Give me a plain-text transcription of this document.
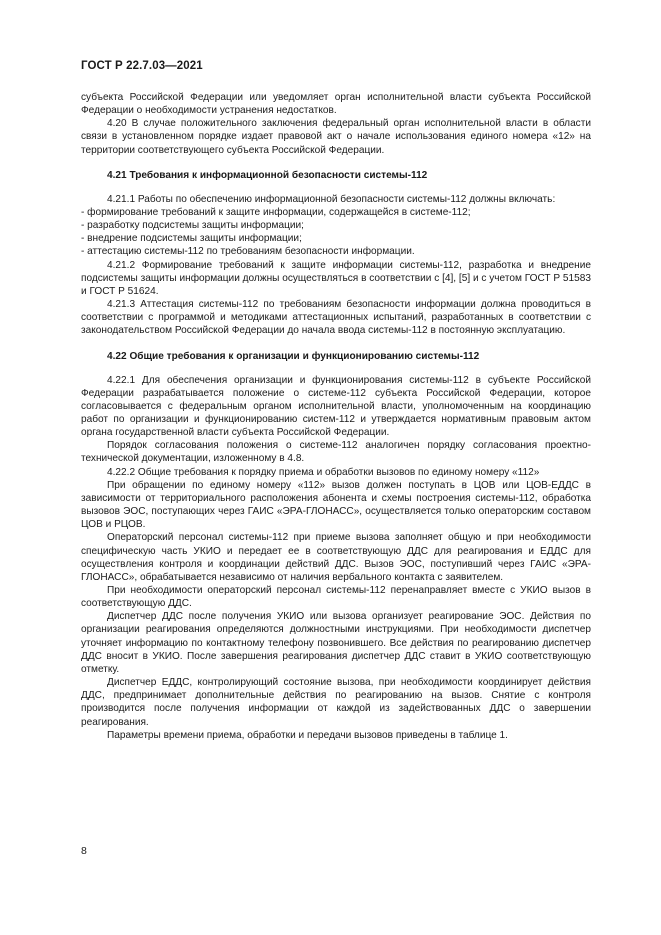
ГОСТ Р 22.7.03—2021

субъекта Российской Федерации или уведомляет орган исполнительной власти субъекта Российской Федерации о необходимости устранения недостатков.

4.20 В случае положительного заключения федеральный орган исполнительной власти в области связи в установленном порядке издает правовой акт о начале использования единого номера «12» на территории соответствующего субъекта Российской Федерации.

4.21 Требования к информационной безопасности системы-112

4.21.1 Работы по обеспечению информационной безопасности системы-112 должны включать:

- формирование требований к защите информации, содержащейся в системе-112;

- разработку подсистемы защиты информации;

- внедрение подсистемы защиты информации;

- аттестацию системы-112 по требованиям безопасности информации.

4.21.2 Формирование требований к защите информации системы-112, разработка и внедрение подсистемы защиты информации должны осуществляться в соответствии с [4], [5] и с учетом ГОСТ Р 51583 и ГОСТ Р 51624.

4.21.3 Аттестация системы-112 по требованиям безопасности информации должна проводиться в соответствии с программой и методиками аттестационных испытаний, разработанных в соответствии с законодательством Российской Федерации до начала ввода системы-112 в постоянную эксплуатацию.

4.22 Общие требования к организации и функционированию системы-112

4.22.1 Для обеспечения организации и функционирования системы-112 в субъекте Российской Федерации разрабатывается положение о системе-112 субъекта Российской Федерации, которое согласовывается с федеральным органом исполнительной власти, уполномоченным на координацию работ по организации и функционированию систем-112 и утверждается нормативным правовым актом органа государственной власти субъекта Российской Федерации.

Порядок согласования положения о системе-112 аналогичен порядку согласования проектно-технической документации, изложенному в 4.8.

4.22.2 Общие требования к порядку приема и обработки вызовов по единому номеру «112»

При обращении по единому номеру «112» вызов должен поступать в ЦОВ или ЦОВ-ЕДДС в зависимости от территориального расположения абонента и схемы построения системы-112, обработка вызовов ЭОС, поступающих через ГАИС «ЭРА-ГЛОНАСС», осуществляется только операторским составом ЦОВ и РЦОВ.

Операторский персонал системы-112 при приеме вызова заполняет общую и при необходимости специфическую часть УКИО и передает ее в соответствующую ДДС для реагирования и ЕДДС для осуществления контроля и координации действий ДДС. Вызов ЭОС, поступивший через ГАИС «ЭРА-ГЛОНАСС», обрабатывается независимо от наличия вербального контакта с заявителем.

При необходимости операторский персонал системы-112 перенаправляет вместе с УКИО вызов в соответствующую ДДС.

Диспетчер ДДС после получения УКИО или вызова организует реагирование ЭОС. Действия по организации реагирования определяются должностными инструкциями. При необходимости диспетчер уточняет информацию по контактному телефону позвонившего. Все действия по реагированию диспетчер ДДС вносит в УКИО. После завершения реагирования диспетчер ДДС ставит в УКИО соответствующую отметку.

Диспетчер ЕДДС, контролирующий состояние вызова, при необходимости координирует действия ДДС, предпринимает дополнительные действия по реагированию на вызов. Снятие с контроля производится после получения информации от каждой из задействованных ДДС о завершении реагирования.

Параметры времени приема, обработки и передачи вызовов приведены в таблице 1.

8
